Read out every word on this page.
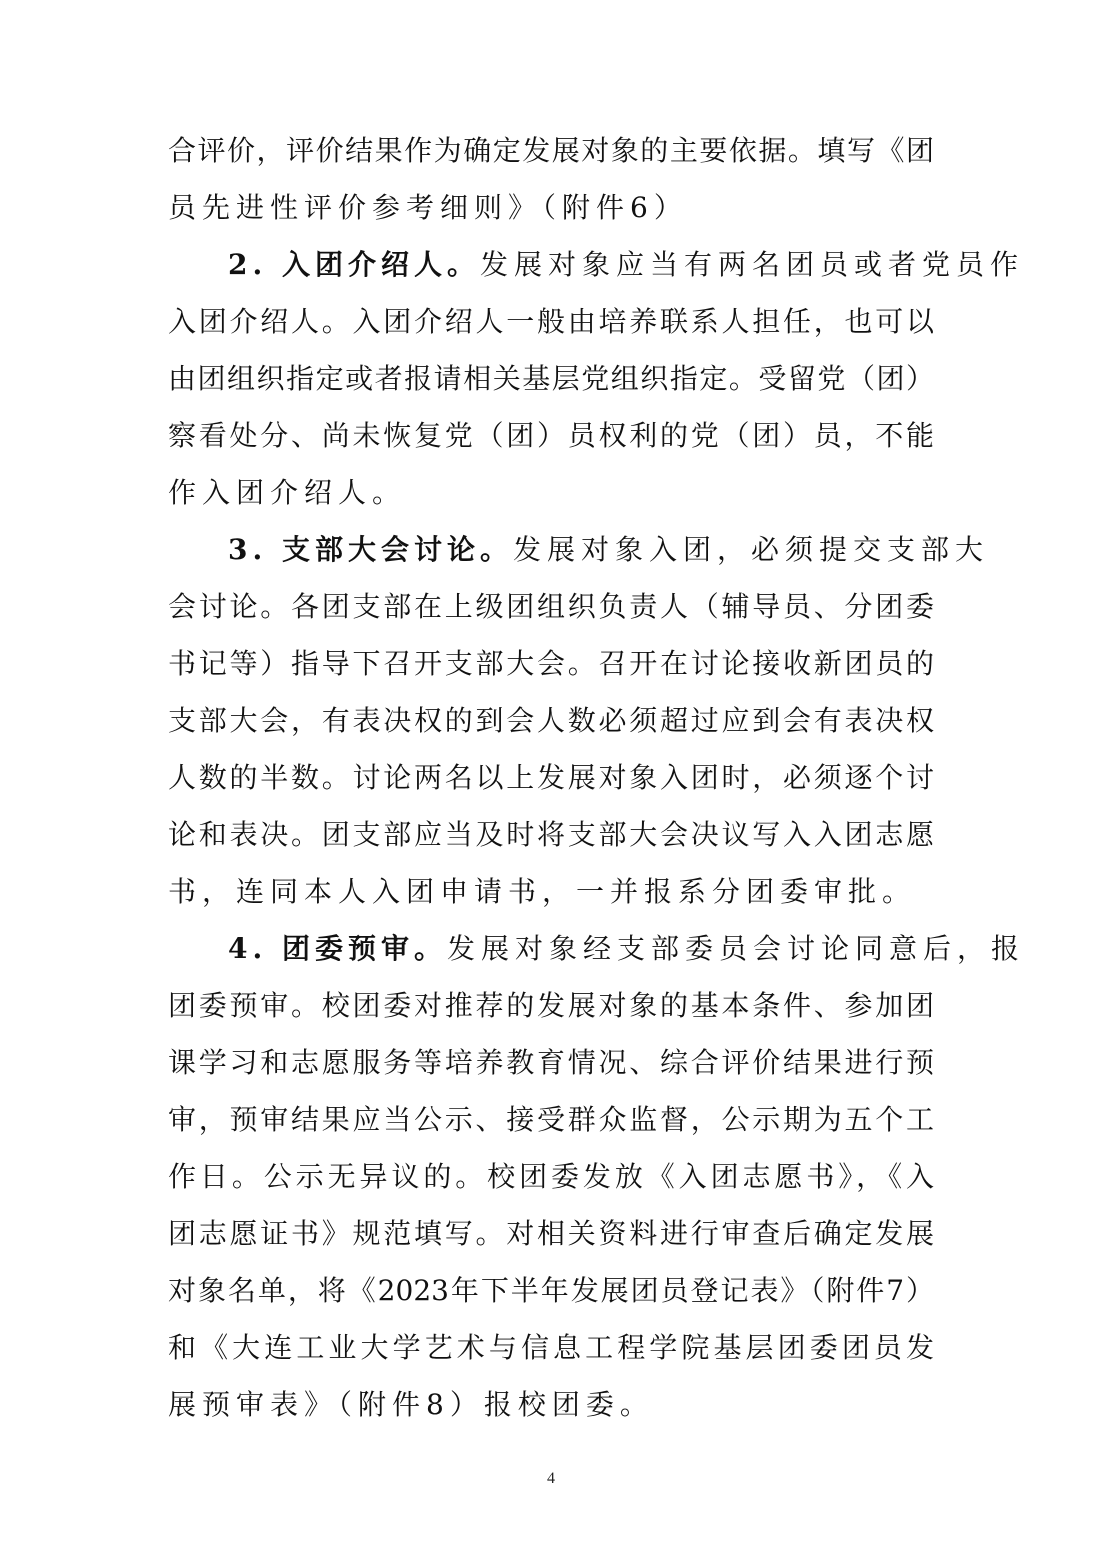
合评价，评价结果作为确定发展对象的主要依据。填写《团
员先进性评价参考细则》（附件6）
2. 入团介绍人。发展对象应当有两名团员或者党员作
入团介绍人。入团介绍人一般由培养联系人担任，也可以
由团组织指定或者报请相关基层党组织指定。受留党（团）
察看处分、尚未恢复党（团）员权利的党（团）员，不能
作入团介绍人。
3. 支部大会讨论。发展对象入团，必须提交支部大
会讨论。各团支部在上级团组织负责人（辅导员、分团委
书记等）指导下召开支部大会。召开在讨论接收新团员的
支部大会，有表决权的到会人数必须超过应到会有表决权
人数的半数。讨论两名以上发展对象入团时，必须逐个讨
论和表决。团支部应当及时将支部大会决议写入入团志愿
书，连同本人入团申请书，一并报系分团委审批。
4. 团委预审。发展对象经支部委员会讨论同意后，报
团委预审。校团委对推荐的发展对象的基本条件、参加团
课学习和志愿服务等培养教育情况、综合评价结果进行预
审，预审结果应当公示、接受群众监督，公示期为五个工
作日。公示无异议的。校团委发放《入团志愿书》，《入
团志愿证书》规范填写。对相关资料进行审查后确定发展
对象名单，将《2023年下半年发展团员登记表》（附件7）
和《大连工业大学艺术与信息工程学院基层团委团员发
展预审表》（附件8）报校团委。
4
